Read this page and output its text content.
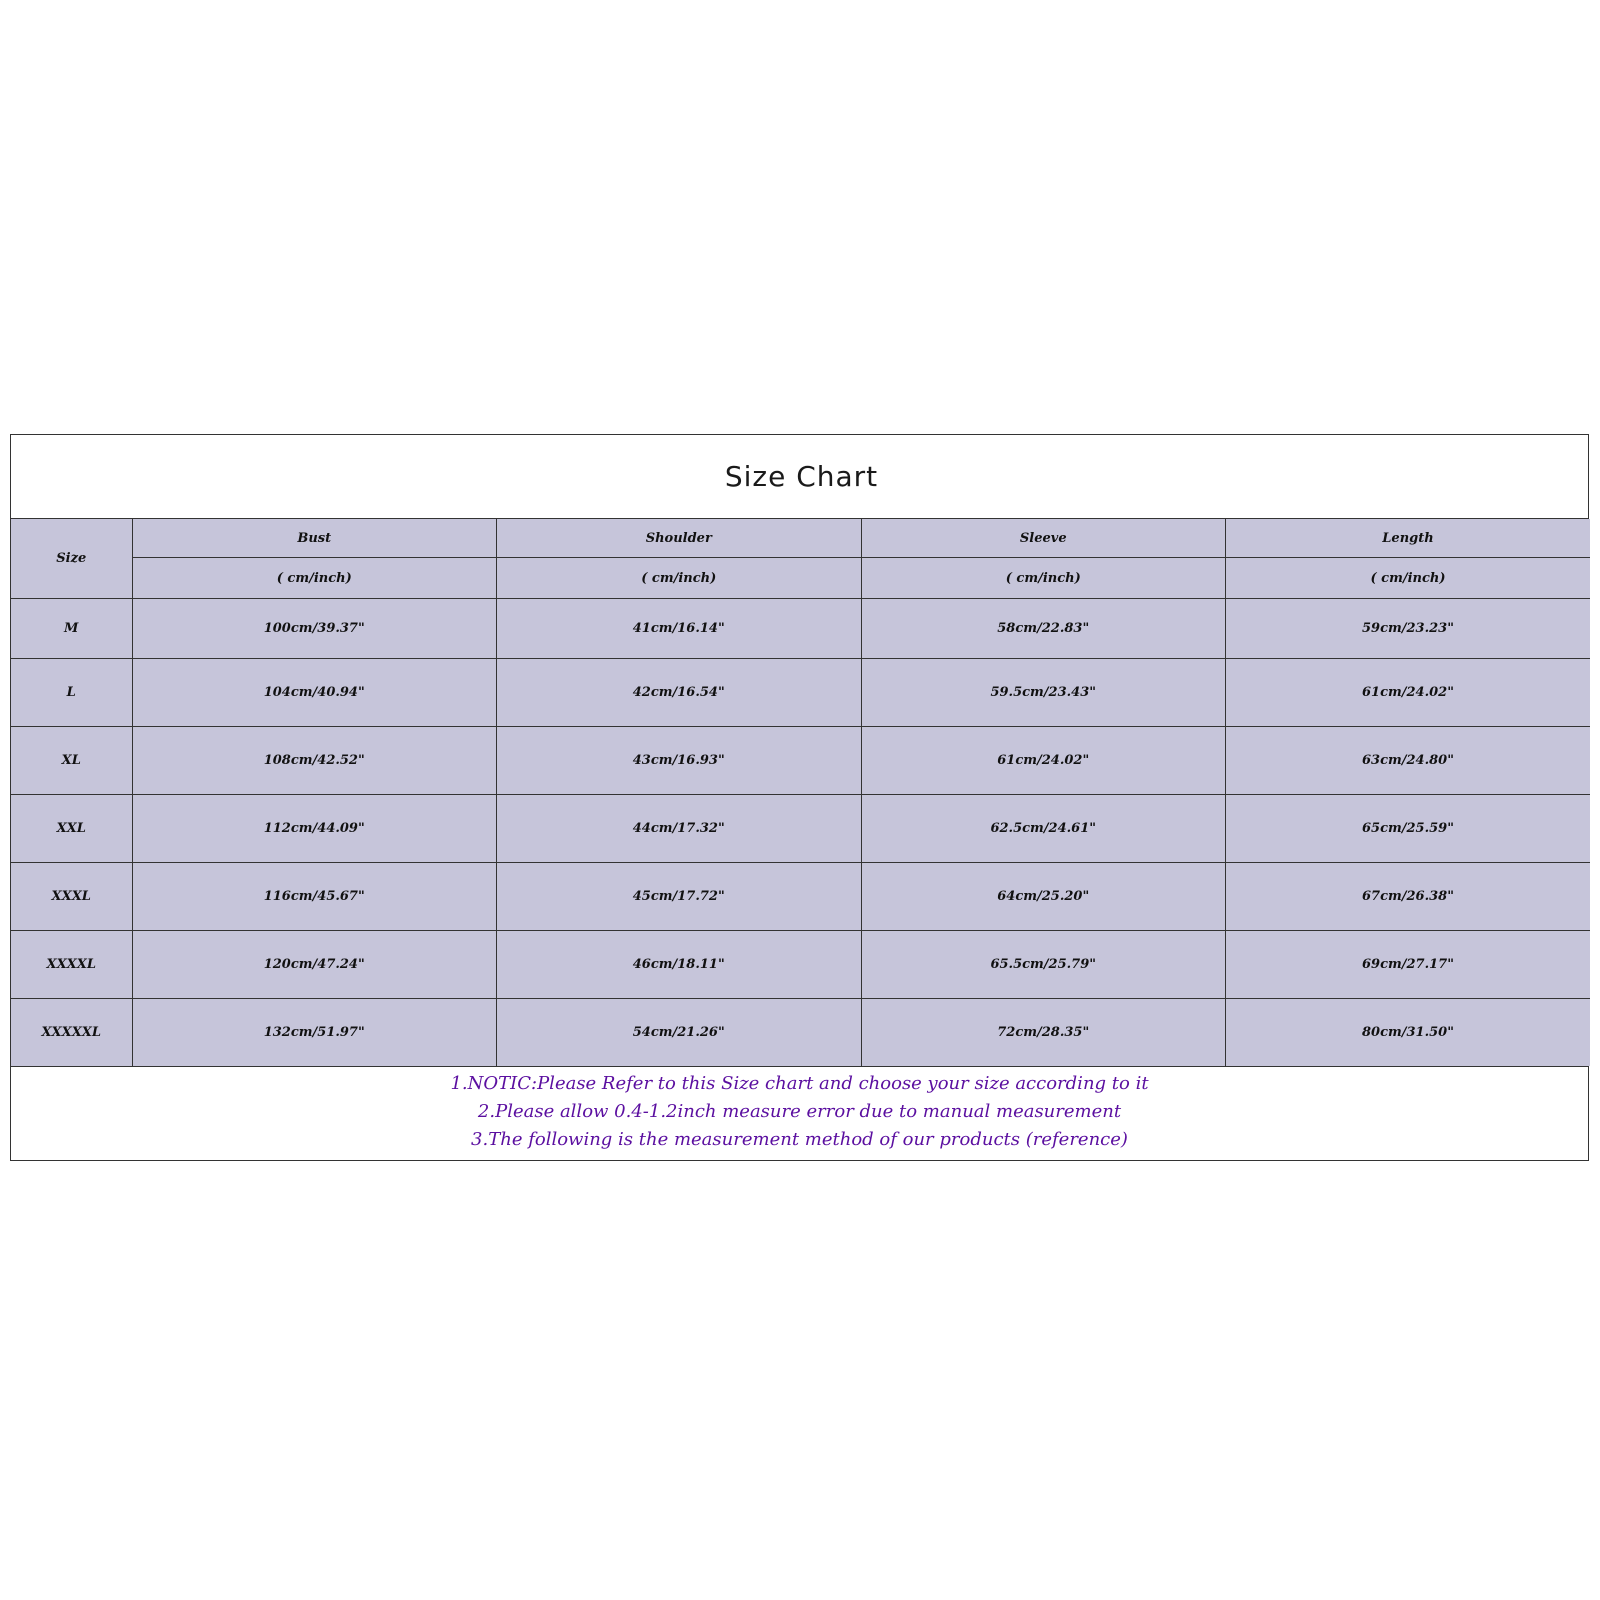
Size Chart
Size	Bust	Shoulder	Sleeve	Length
	( cm/inch)	( cm/inch)	( cm/inch)	( cm/inch)
M	100cm/39.37"	41cm/16.14"	58cm/22.83"	59cm/23.23"
L	104cm/40.94"	42cm/16.54"	59.5cm/23.43"	61cm/24.02"
XL	108cm/42.52"	43cm/16.93"	61cm/24.02"	63cm/24.80"
XXL	112cm/44.09"	44cm/17.32"	62.5cm/24.61"	65cm/25.59"
XXXL	116cm/45.67"	45cm/17.72"	64cm/25.20"	67cm/26.38"
XXXXL	120cm/47.24"	46cm/18.11"	65.5cm/25.79"	69cm/27.17"
XXXXXL	132cm/51.97"	54cm/21.26"	72cm/28.35"	80cm/31.50"
1.NOTIC:Please Refer to this Size chart and choose your size according to it
2.Please allow 0.4-1.2inch measure error due to manual measurement
3.The following is the measurement method of our products (reference)
